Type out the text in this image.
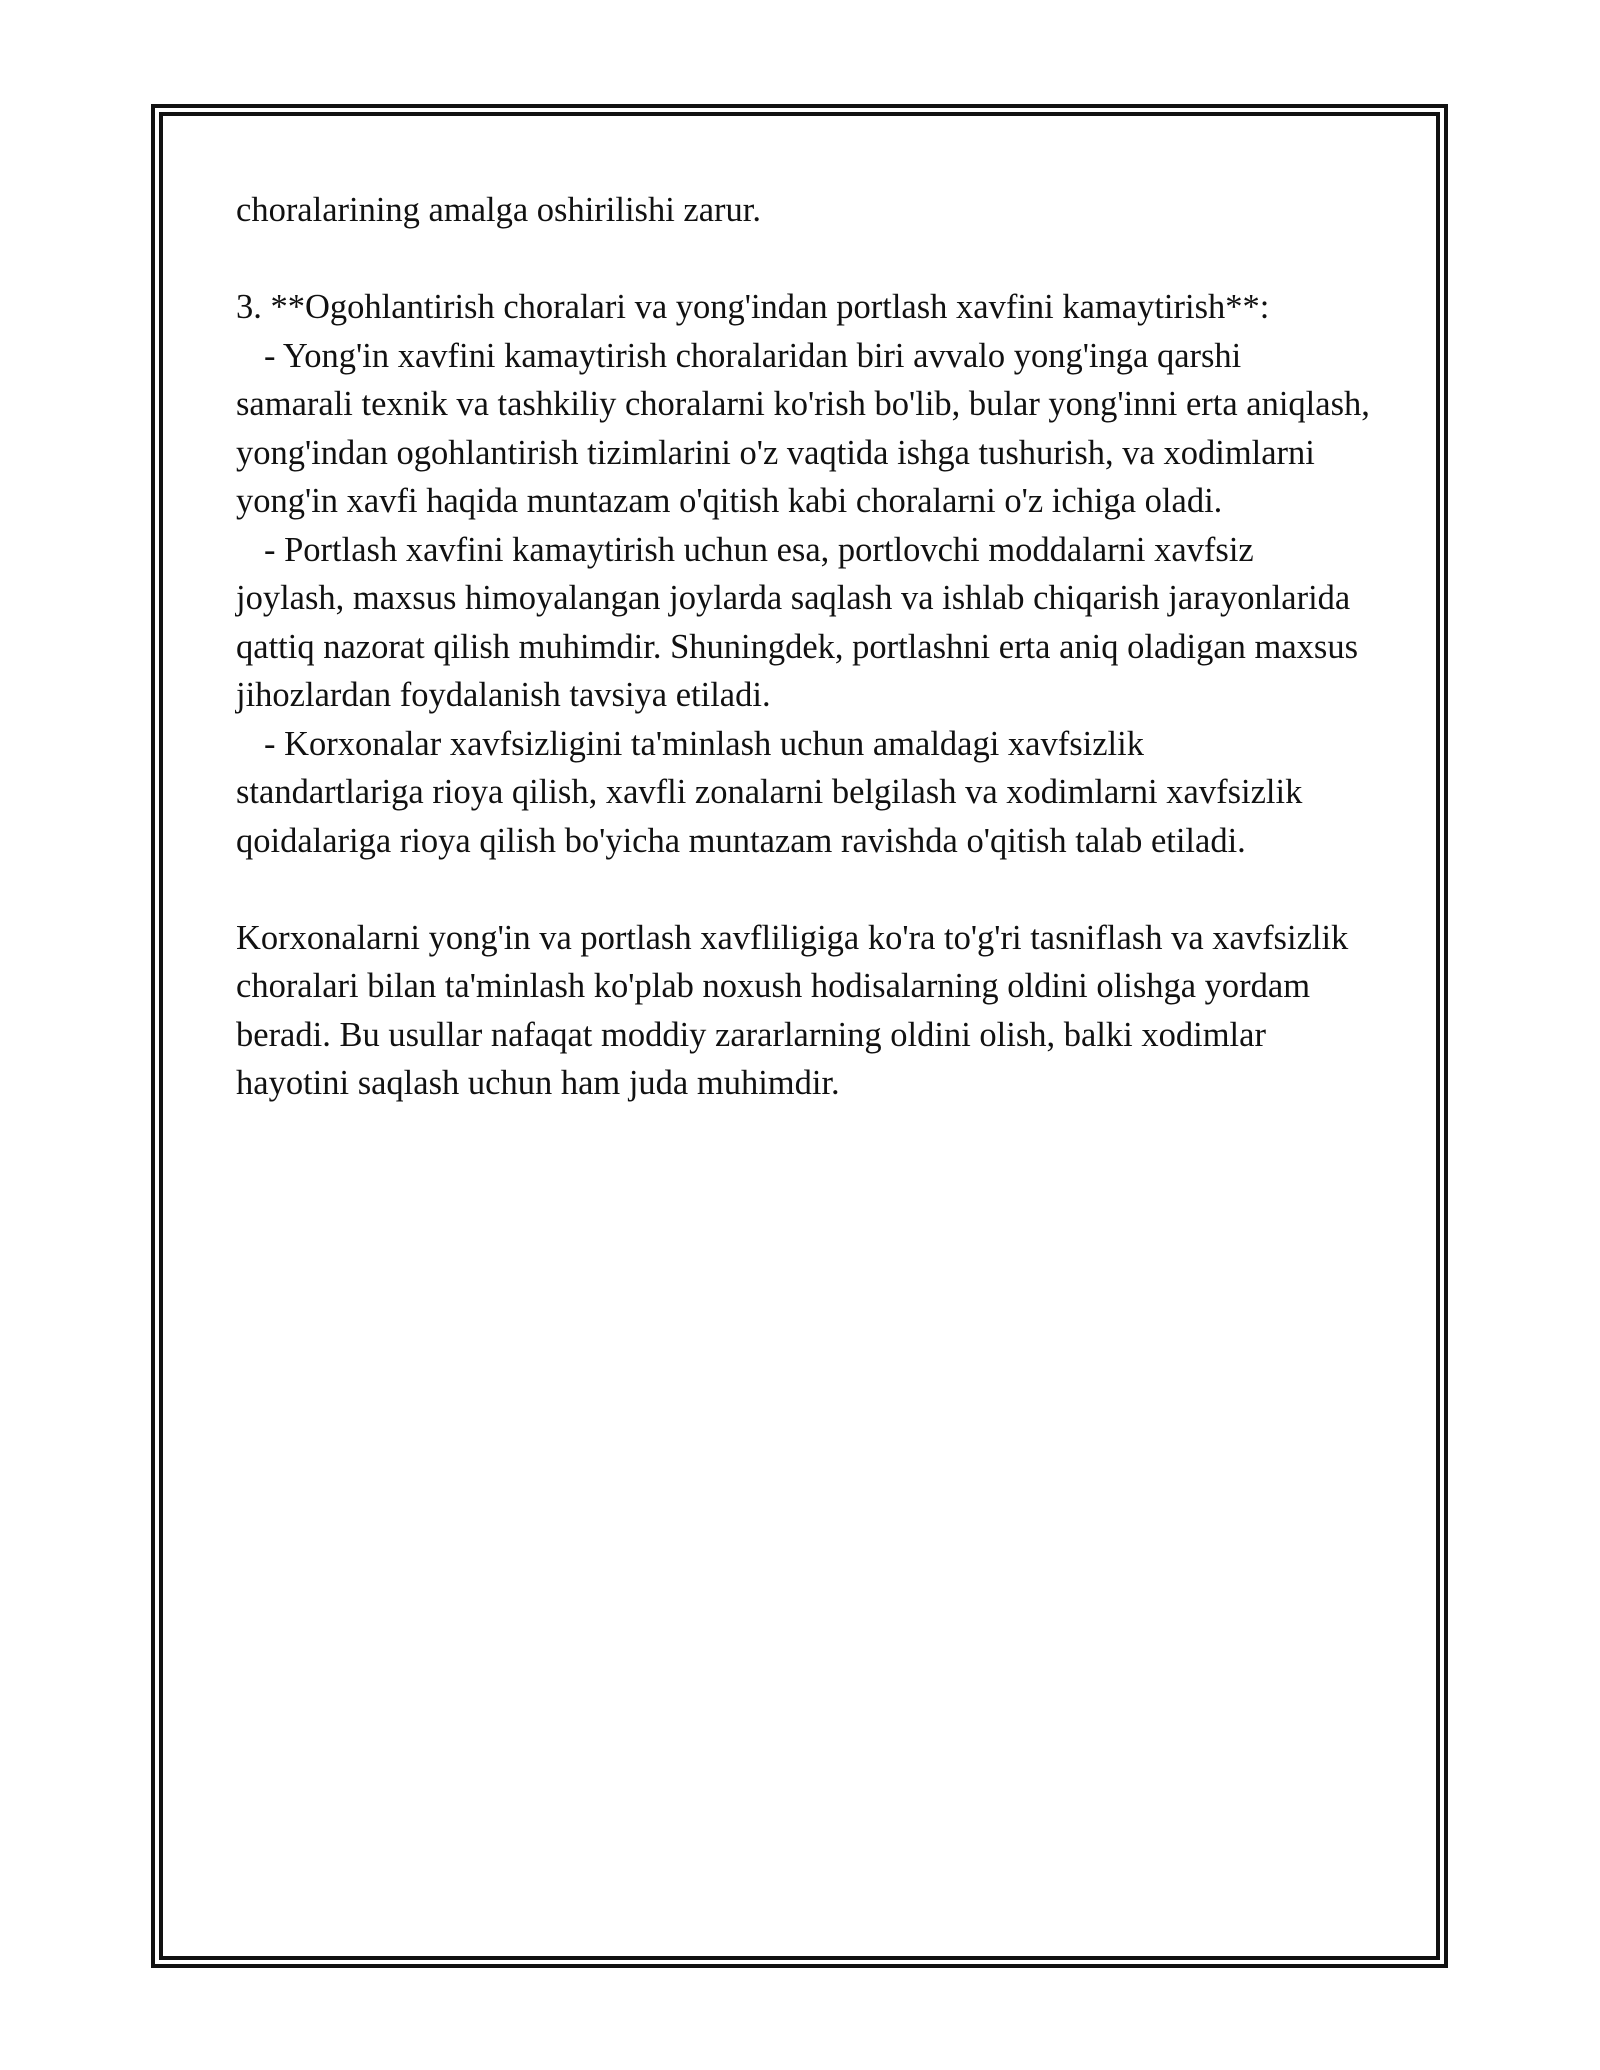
choralarining amalga oshirilishi zarur.

3. **Ogohlantirish choralari va yong'indan portlash xavfini kamaytirish**:

- Yong'in xavfini kamaytirish choralaridan biri avvalo yong'inga qarshi

samarali texnik va tashkiliy choralarni ko'rish bo'lib, bular yong'inni erta aniqlash, yong'indan ogohlantirish tizimlarini o'z vaqtida ishga tushurish, va xodimlarni yong'in xavfi haqida muntazam o'qitish kabi choralarni o'z ichiga oladi.

- Portlash xavfini kamaytirish uchun esa, portlovchi moddalarni xavfsiz

joylash, maxsus himoyalangan joylarda saqlash va ishlab chiqarish jarayonlarida qattiq nazorat qilish muhimdir. Shuningdek, portlashni erta aniq oladigan maxsus jihozlardan foydalanish tavsiya etiladi.

- Korxonalar xavfsizligini ta'minlash uchun amaldagi xavfsizlik

standartlariga rioya qilish, xavfli zonalarni belgilash va xodimlarni xavfsizlik qoidalariga rioya qilish bo'yicha muntazam ravishda o'qitish talab etiladi.

Korxonalarni yong'in va portlash xavfliligiga ko'ra to'g'ri tasniflash va xavfsizlik choralari bilan ta'minlash ko'plab noxush hodisalarning oldini olishga yordam beradi. Bu usullar nafaqat moddiy zararlarning oldini olish, balki xodimlar hayotini saqlash uchun ham juda muhimdir.
